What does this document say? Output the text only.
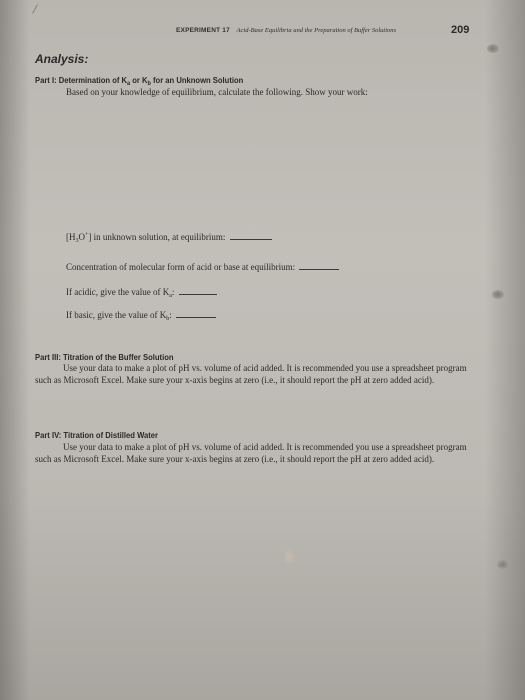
EXPERIMENT 17 Acid-Base Equilibria and the Preparation of Buffer Solutions	209
Analysis:
Part I: Determination of $K_a$ or $K_b$ for an Unknown Solution
Based on your knowledge of equilibrium, calculate the following. Show your work:
$[H_3O^+]$ in unknown solution, at equilibrium:
Concentration of molecular form of acid or base at equilibrium:
If acidic, give the value of $K_a$:
If basic, give the value of $K_b$:
Part III: Titration of the Buffer Solution
Use your data to make a plot of pH vs. volume of acid added. It is recommended you use a spreadsheet program such as Microsoft Excel. Make sure your x-axis begins at zero (i.e., it should report the pH at zero added acid).
Part IV: Titration of Distilled Water
Use your data to make a plot of pH vs. volume of acid added. It is recommended you use a spreadsheet program such as Microsoft Excel. Make sure your x-axis begins at zero (i.e., it should report the pH at zero added acid).
